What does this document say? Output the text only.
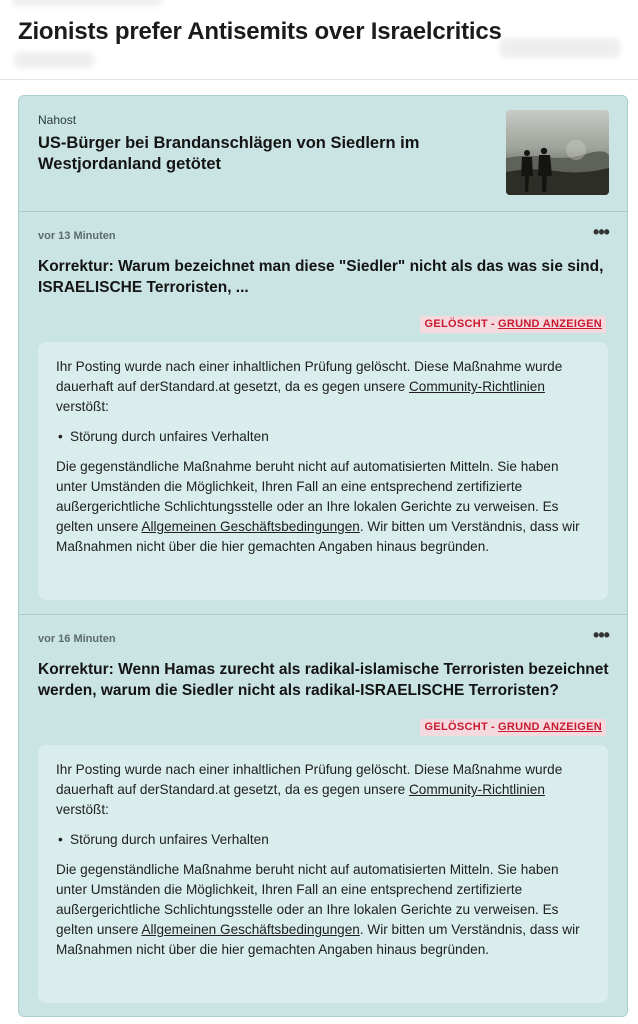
Zionists prefer Antisemits over Israelcritics
Nahost
US-Bürger bei Brandanschlägen von Siedlern im Westjordanland getötet
vor 13 Minuten	•••
Korrektur: Warum bezeichnet man diese "Siedler" nicht als das was sie sind, ISRAELISCHE Terroristen, ...
GELÖSCHT - GRUND ANZEIGEN

Ihr Posting wurde nach einer inhaltlichen Prüfung gelöscht. Diese Maßnahme wurde dauerhaft auf derStandard.at gesetzt, da es gegen unsere Community-Richtlinien verstößt:

• Störung durch unfaires Verhalten

Die gegenständliche Maßnahme beruht nicht auf automatisierten Mitteln. Sie haben unter Umständen die Möglichkeit, Ihren Fall an eine entsprechend zertifizierte außergerichtliche Schlichtungsstelle oder an Ihre lokalen Gerichte zu verweisen. Es gelten unsere Allgemeinen Geschäftsbedingungen. Wir bitten um Verständnis, dass wir Maßnahmen nicht über die hier gemachten Angaben hinaus begründen.

vor 16 Minuten	•••
Korrektur: Wenn Hamas zurecht als radikal-islamische Terroristen bezeichnet werden, warum die Siedler nicht als radikal-ISRAELISCHE Terroristen?
GELÖSCHT - GRUND ANZEIGEN

Ihr Posting wurde nach einer inhaltlichen Prüfung gelöscht. Diese Maßnahme wurde dauerhaft auf derStandard.at gesetzt, da es gegen unsere Community-Richtlinien verstößt:

• Störung durch unfaires Verhalten

Die gegenständliche Maßnahme beruht nicht auf automatisierten Mitteln. Sie haben unter Umständen die Möglichkeit, Ihren Fall an eine entsprechend zertifizierte außergerichtliche Schlichtungsstelle oder an Ihre lokalen Gerichte zu verweisen. Es gelten unsere Allgemeinen Geschäftsbedingungen. Wir bitten um Verständnis, dass wir Maßnahmen nicht über die hier gemachten Angaben hinaus begründen.
